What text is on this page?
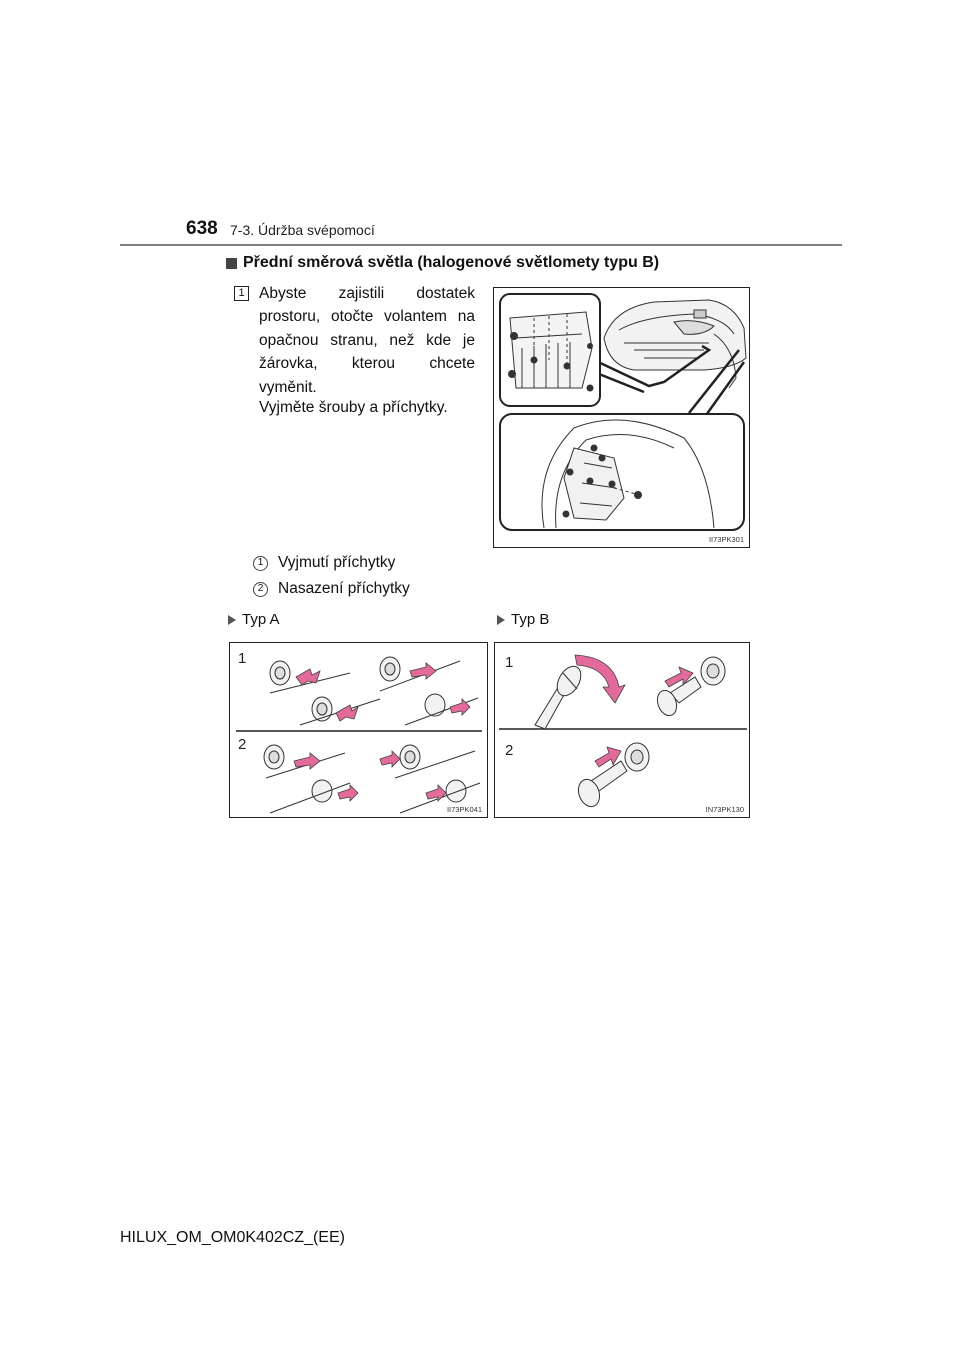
638 7-3. Údržba svépomocí
Přední směrová světla (halogenové světlomety typu B)
1 Abyste zajistili dostatek prostoru, otočte volantem na opačnou stranu, než kde je žárovka, kterou chcete vyměnit.
Vyjměte šrouby a příchytky.
II73PK301
1 Vyjmutí příchytky
2 Nasazení příchytky
Typ A	Typ B
1
2
II73PK041
1
2
IN73PK130
HILUX_OM_OM0K402CZ_(EE)
